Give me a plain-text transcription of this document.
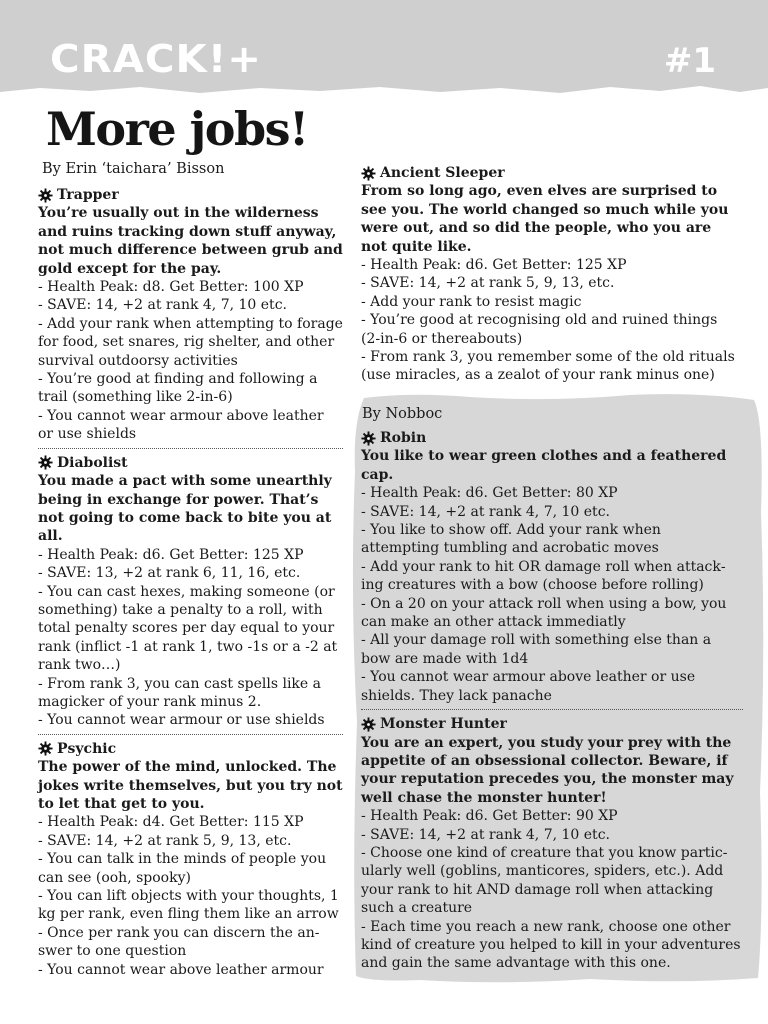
CRACK!+	#1
More jobs!
By Erin ‘taichara’ Bisson
By Nobboc

Trapper

You’re usually out in the wilderness and ruins tracking down stuff anyway, not much difference between grub and gold except for the pay.

- Health Peak: d8. Get Better: 100 XP

- SAVE: 14, +2 at rank 4, 7, 10 etc.

- Add your rank when attempting to forage for food, set snares, rig shelter, and other survival outdoorsy activities

- You’re good at finding and following a trail (something like 2-in-6)

- You cannot wear armour above leather or use shields

Diabolist

You made a pact with some unearthly being in exchange for power. That’s not going to come back to bite you at all.

- Health Peak: d6. Get Better: 125 XP

- SAVE: 13, +2 at rank 6, 11, 16, etc.

- You can cast hexes, making someone (or something) take a penalty to a roll, with total penalty scores per day equal to your rank (inflict -1 at rank 1, two -1s or a -2 at rank two…)

- From rank 3, you can cast spells like a magicker of your rank minus 2.

- You cannot wear armour or use shields

Psychic

The power of the mind, unlocked. The jokes write themselves, but you try not to let that get to you.

- Health Peak: d4. Get Better: 115 XP

- SAVE: 14, +2 at rank 5, 9, 13, etc.

- You can talk in the minds of people you can see (ooh, spooky)

- You can lift objects with your thoughts, 1 kg per rank, even fling them like an arrow

- Once per rank you can discern the answer to one question

- You cannot wear above leather armour

Ancient Sleeper

From so long ago, even elves are surprised to see you. The world changed so much while you were out, and so did the people, who you are not quite like.

- Health Peak: d6. Get Better: 125 XP

- SAVE: 14, +2 at rank 5, 9, 13, etc.

- Add your rank to resist magic

- You’re good at recognising old and ruined things (2-in-6 or thereabouts)

- From rank 3, you remember some of the old rituals (use miracles, as a zealot of your rank minus one)

Robin

You like to wear green clothes and a feathered cap.

- Health Peak: d6. Get Better: 80 XP

- SAVE: 14, +2 at rank 4, 7, 10 etc.

- You like to show off. Add your rank when attempting tumbling and acrobatic moves

- Add your rank to hit OR damage roll when attacking creatures with a bow (choose before rolling)

- On a 20 on your attack roll when using a bow, you can make an other attack immediatly

- All your damage roll with something else than a bow are made with 1d4

- You cannot wear armour above leather or use shields. They lack panache

Monster Hunter

You are an expert, you study your prey with the appetite of an obsessional collector. Beware, if your reputation precedes you, the monster may well chase the monster hunter!

- Health Peak: d6. Get Better: 90 XP

- SAVE: 14, +2 at rank 4, 7, 10 etc.

- Choose one kind of creature that you know particularly well (goblins, manticores, spiders, etc.). Add your rank to hit AND damage roll when attacking such a creature

- Each time you reach a new rank, choose one other kind of creature you helped to kill in your adventures and gain the same advantage with this one.
